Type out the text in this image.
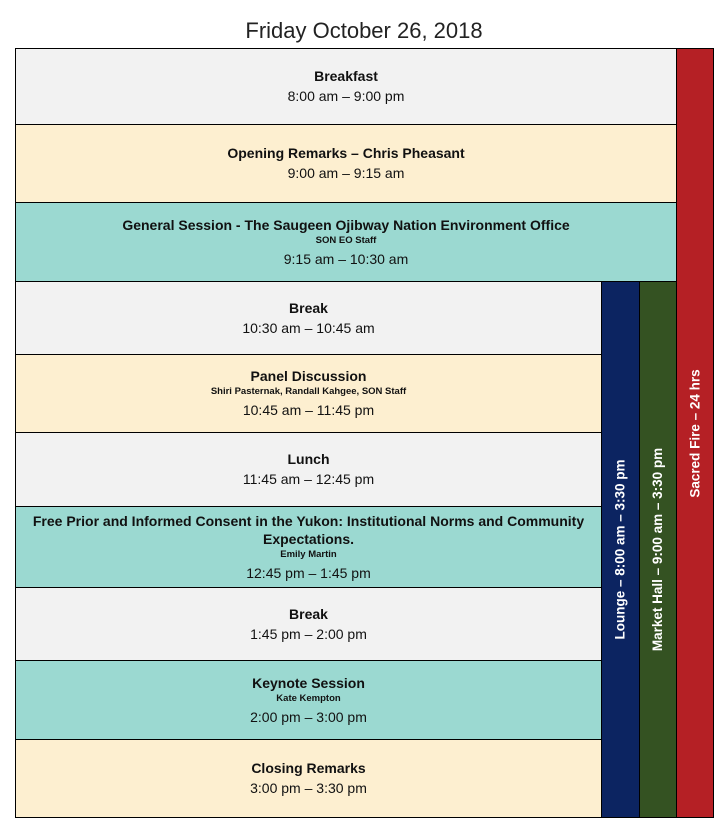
Friday October 26, 2018
Breakfast
8:00 am – 9:00 pm
Opening Remarks – Chris Pheasant
9:00 am – 9:15 am
General Session - The Saugeen Ojibway Nation Environment Office
SON EO Staff
9:15 am – 10:30 am
Break
10:30 am – 10:45 am
Panel Discussion
Shiri Pasternak, Randall Kahgee, SON Staff
10:45 am – 11:45 pm
Lunch
11:45 am – 12:45 pm
Free Prior and Informed Consent in the Yukon: Institutional Norms and Community Expectations.
Emily Martin
12:45 pm – 1:45 pm
Break
1:45 pm – 2:00 pm
Keynote Session
Kate Kempton
2:00 pm – 3:00 pm
Closing Remarks
3:00 pm – 3:30 pm
Lounge – 8:00 am – 3:30 pm Market Hall – 9:00 am – 3:30 pm
Sacred Fire – 24 hrs
